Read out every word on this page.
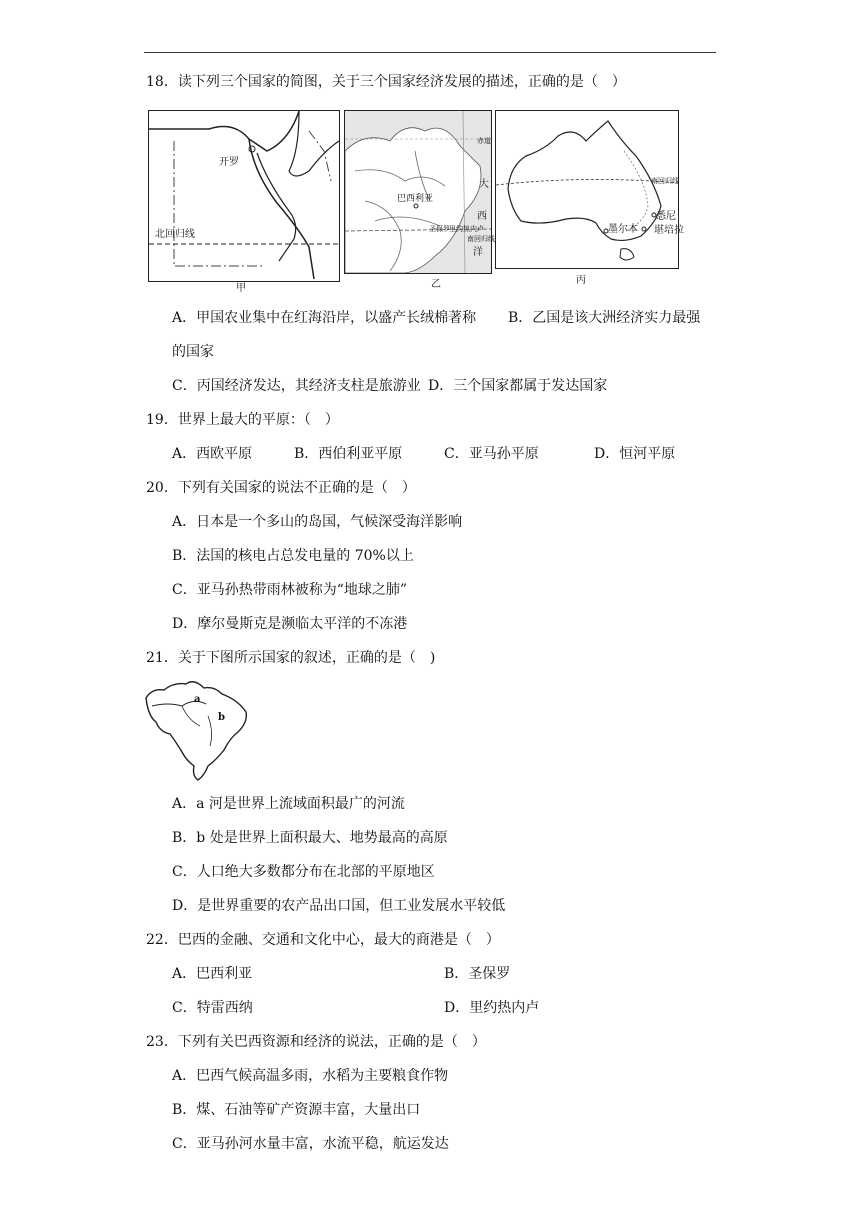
18．读下列三个国家的简图，关于三个国家经济发展的描述，正确的是（　）
开罗
北回归线
甲
巴西利亚
赤道
大
西
圣保罗 里约热内卢
南回归线
洋
乙
南回归线
悉尼
墨尔本 堪培拉
丙
A．甲国农业集中在红海沿岸，以盛产长绒棉著称 B．乙国是该大洲经济实力最强
的国家
C．丙国经济发达，其经济支柱是旅游业 D．三个国家都属于发达国家
19．世界上最大的平原：（　）
A．西欧平原	B．西伯利亚平原	C．亚马孙平原	D．恒河平原
20．下列有关国家的说法不正确的是（　）
A．日本是一个多山的岛国，气候深受海洋影响
B．法国的核电占总发电量的 70%以上
C．亚马孙热带雨林被称为“地球之肺”
D．摩尔曼斯克是濒临太平洋的不冻港
21．关于下图所示国家的叙述，正确的是（　)
a
b
A．a 河是世界上流域面积最广的河流
B．b 处是世界上面积最大、地势最高的高原
C．人口绝大多数都分布在北部的平原地区
D．是世界重要的农产品出口国，但工业发展水平较低
22．巴西的金融、交通和文化中心，最大的商港是（　）
A．巴西利亚	B．圣保罗
C．特雷西纳	D．里约热内卢
23．下列有关巴西资源和经济的说法，正确的是（　）
A．巴西气候高温多雨，水稻为主要粮食作物
B．煤、石油等矿产资源丰富，大量出口
C．亚马孙河水量丰富，水流平稳，航运发达
